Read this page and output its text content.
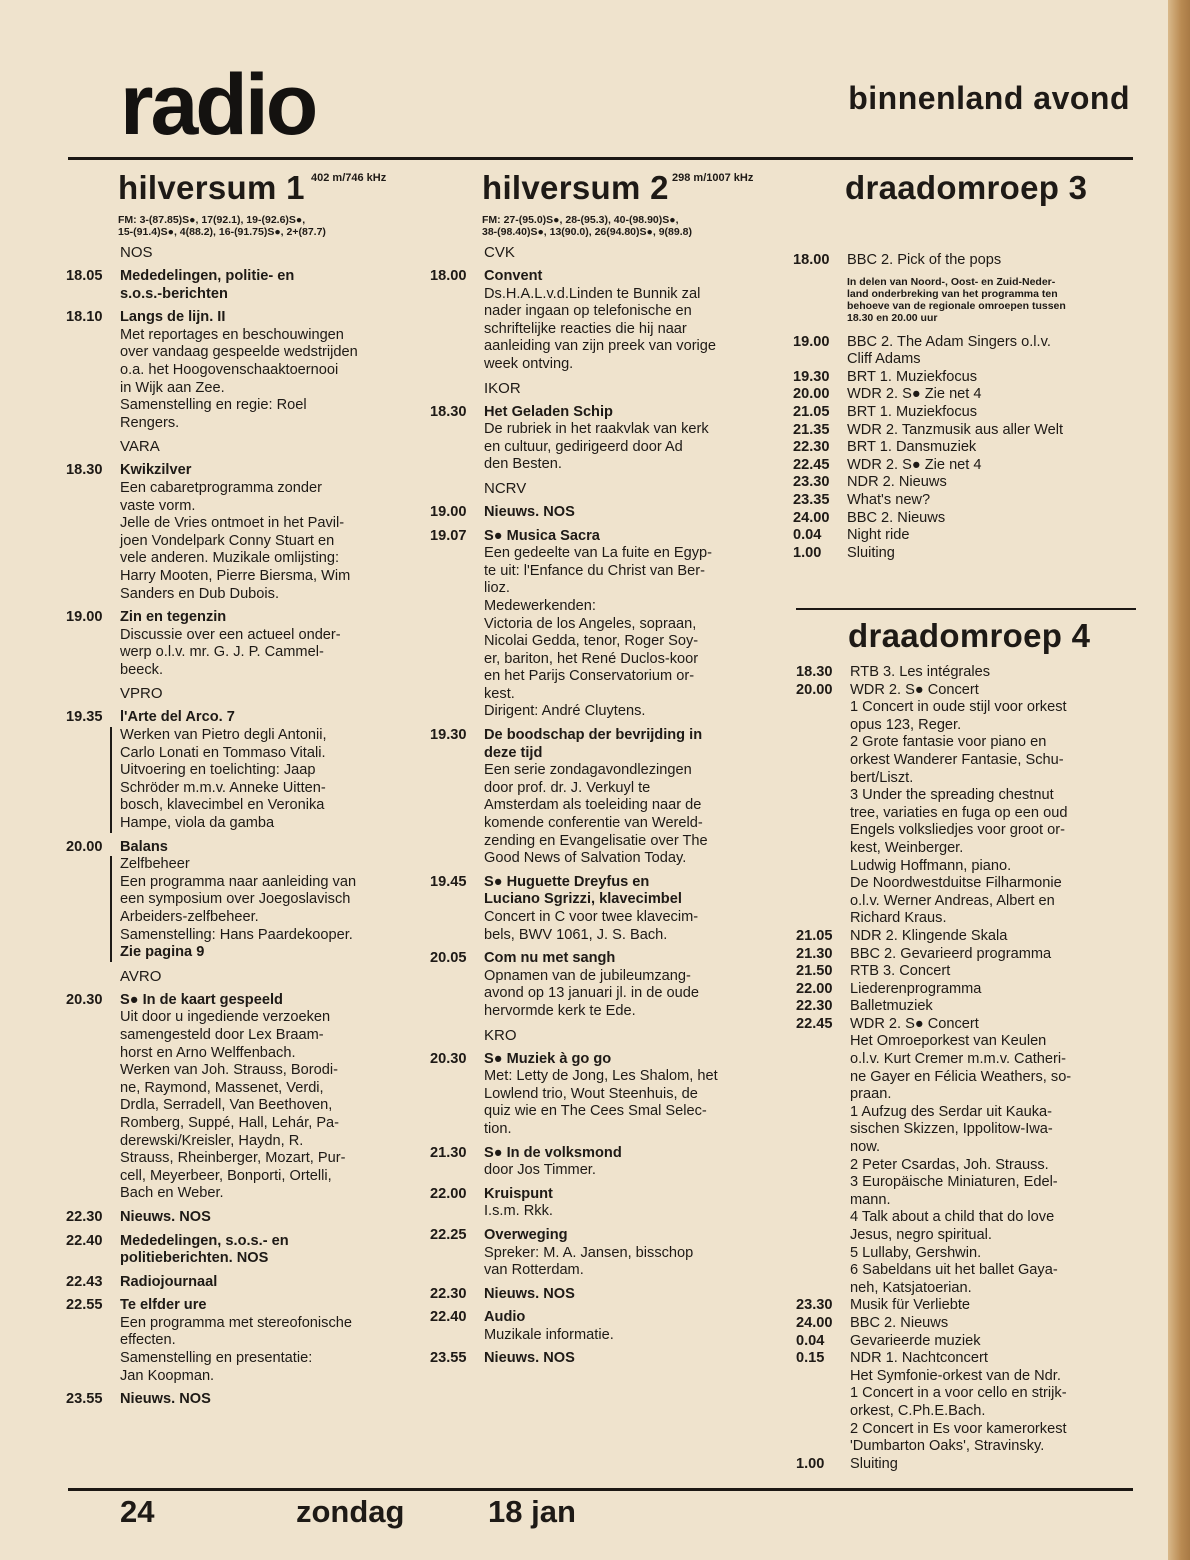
radio	binnenland avond
hilversum 1 402 m/746 kHz
FM: 3-(87.85)S●, 17(92.1), 19-(92.6)S●,
15-(91.4)S●, 4(88.2), 16-(91.75)S●, 2+(87.7)
NOS
18.05	Mededelingen, politie- en
s.o.s.-berichten
18.10	Langs de lijn. II
Met reportages en beschouwingen
over vandaag gespeelde wedstrijden
o.a. het Hoogovenschaaktoernooi
in Wijk aan Zee.
Samenstelling en regie: Roel
Rengers.
VARA
18.30	Kwikzilver
Een cabaretprogramma zonder
vaste vorm.
Jelle de Vries ontmoet in het Pavil-
joen Vondelpark Conny Stuart en
vele anderen. Muzikale omlijsting:
Harry Mooten, Pierre Biersma, Wim
Sanders en Dub Dubois.
19.00	Zin en tegenzin
Discussie over een actueel onder-
werp o.l.v. mr. G. J. P. Cammel-
beeck.
VPRO
19.35	l'Arte del Arco. 7
Werken van Pietro degli Antonii,
Carlo Lonati en Tommaso Vitali.
Uitvoering en toelichting: Jaap
Schröder m.m.v. Anneke Uitten-
bosch, klavecimbel en Veronika
Hampe, viola da gamba
20.00	Balans
Zelfbeheer
Een programma naar aanleiding van
een symposium over Joegoslavisch
Arbeiders-zelfbeheer.
Samenstelling: Hans Paardekooper.
Zie pagina 9
AVRO
20.30	S● In de kaart gespeeld
Uit door u ingediende verzoeken
samengesteld door Lex Braam-
horst en Arno Welffenbach.
Werken van Joh. Strauss, Borodi-
ne, Raymond, Massenet, Verdi,
Drdla, Serradell, Van Beethoven,
Romberg, Suppé, Hall, Lehár, Pa-
derewski/Kreisler, Haydn, R.
Strauss, Rheinberger, Mozart, Pur-
cell, Meyerbeer, Bonporti, Ortelli,
Bach en Weber.
22.30	Nieuws. NOS
22.40	Mededelingen, s.o.s.- en
politieberichten. NOS
22.43	Radiojournaal
22.55	Te elfder ure
Een programma met stereofonische
effecten.
Samenstelling en presentatie:
Jan Koopman.
23.55	Nieuws. NOS
hilversum 2 298 m/1007 kHz
FM: 27-(95.0)S●, 28-(95.3), 40-(98.90)S●,
38-(98.40)S●, 13(90.0), 26(94.80)S●, 9(89.8)
CVK
18.00	Convent
Ds.H.A.L.v.d.Linden te Bunnik zal
nader ingaan op telefonische en
schriftelijke reacties die hij naar
aanleiding van zijn preek van vorige
week ontving.
IKOR
18.30	Het Geladen Schip
De rubriek in het raakvlak van kerk
en cultuur, gedirigeerd door Ad
den Besten.
NCRV
19.00	Nieuws. NOS
19.07	S● Musica Sacra
Een gedeelte van La fuite en Egyp-
te uit: l'Enfance du Christ van Ber-
lioz.
Medewerkenden:
Victoria de los Angeles, sopraan,
Nicolai Gedda, tenor, Roger Soy-
er, bariton, het René Duclos-koor
en het Parijs Conservatorium or-
kest.
Dirigent: André Cluytens.
19.30	De boodschap der bevrijding in
deze tijd
Een serie zondagavondlezingen
door prof. dr. J. Verkuyl te
Amsterdam als toeleiding naar de
komende conferentie van Wereld-
zending en Evangelisatie over The
Good News of Salvation Today.
19.45	S● Huguette Dreyfus en
Luciano Sgrizzi, klavecimbel
Concert in C voor twee klavecim-
bels, BWV 1061, J. S. Bach.
20.05	Com nu met sangh
Opnamen van de jubileumzang-
avond op 13 januari jl. in de oude
hervormde kerk te Ede.
KRO
20.30	S● Muziek à go go
Met: Letty de Jong, Les Shalom, het
Lowlend trio, Wout Steenhuis, de
quiz wie en The Cees Smal Selec-
tion.
21.30	S● In de volksmond
door Jos Timmer.
22.00	Kruispunt
I.s.m. Rkk.
22.25	Overweging
Spreker: M. A. Jansen, bisschop
van Rotterdam.
22.30	Nieuws. NOS
22.40	Audio
Muzikale informatie.
23.55	Nieuws. NOS
draadomroep 3
18.00	BBC 2. Pick of the pops
In delen van Noord-, Oost- en Zuid-Neder-
land onderbreking van het programma ten
behoeve van de regionale omroepen tussen
18.30 en 20.00 uur
19.00	BBC 2. The Adam Singers o.l.v.
Cliff Adams
19.30	BRT 1. Muziekfocus
20.00	WDR 2. S● Zie net 4
21.05	BRT 1. Muziekfocus
21.35	WDR 2. Tanzmusik aus aller Welt
22.30	BRT 1. Dansmuziek
22.45	WDR 2. S● Zie net 4
23.30	NDR 2. Nieuws
23.35	What's new?
24.00	BBC 2. Nieuws
0.04	Night ride
1.00	Sluiting
draadomroep 4
18.30	RTB 3. Les intégrales
20.00	WDR 2. S● Concert
1 Concert in oude stijl voor orkest
opus 123, Reger.
2 Grote fantasie voor piano en
orkest Wanderer Fantasie, Schu-
bert/Liszt.
3 Under the spreading chestnut
tree, variaties en fuga op een oud
Engels volksliedjes voor groot or-
kest, Weinberger.
Ludwig Hoffmann, piano.
De Noordwestduitse Filharmonie
o.l.v. Werner Andreas, Albert en
Richard Kraus.
21.05	NDR 2. Klingende Skala
21.30	BBC 2. Gevarieerd programma
21.50	RTB 3. Concert
22.00	Liederenprogramma
22.30	Balletmuziek
22.45	WDR 2. S● Concert
Het Omroeporkest van Keulen
o.l.v. Kurt Cremer m.m.v. Catheri-
ne Gayer en Félicia Weathers, so-
praan.
1 Aufzug des Serdar uit Kauka-
sischen Skizzen, Ippolitow-Iwa-
now.
2 Peter Csardas, Joh. Strauss.
3 Europäische Miniaturen, Edel-
mann.
4 Talk about a child that do love
Jesus, negro spiritual.
5 Lullaby, Gershwin.
6 Sabeldans uit het ballet Gaya-
neh, Katsjatoerian.
23.30	Musik für Verliebte
24.00	BBC 2. Nieuws
0.04	Gevarieerde muziek
0.15	NDR 1. Nachtconcert
Het Symfonie-orkest van de Ndr.
1 Concert in a voor cello en strijk-
orkest, C.Ph.E.Bach.
2 Concert in Es voor kamerorkest
'Dumbarton Oaks', Stravinsky.
1.00	Sluiting
24	zondag	18 jan
